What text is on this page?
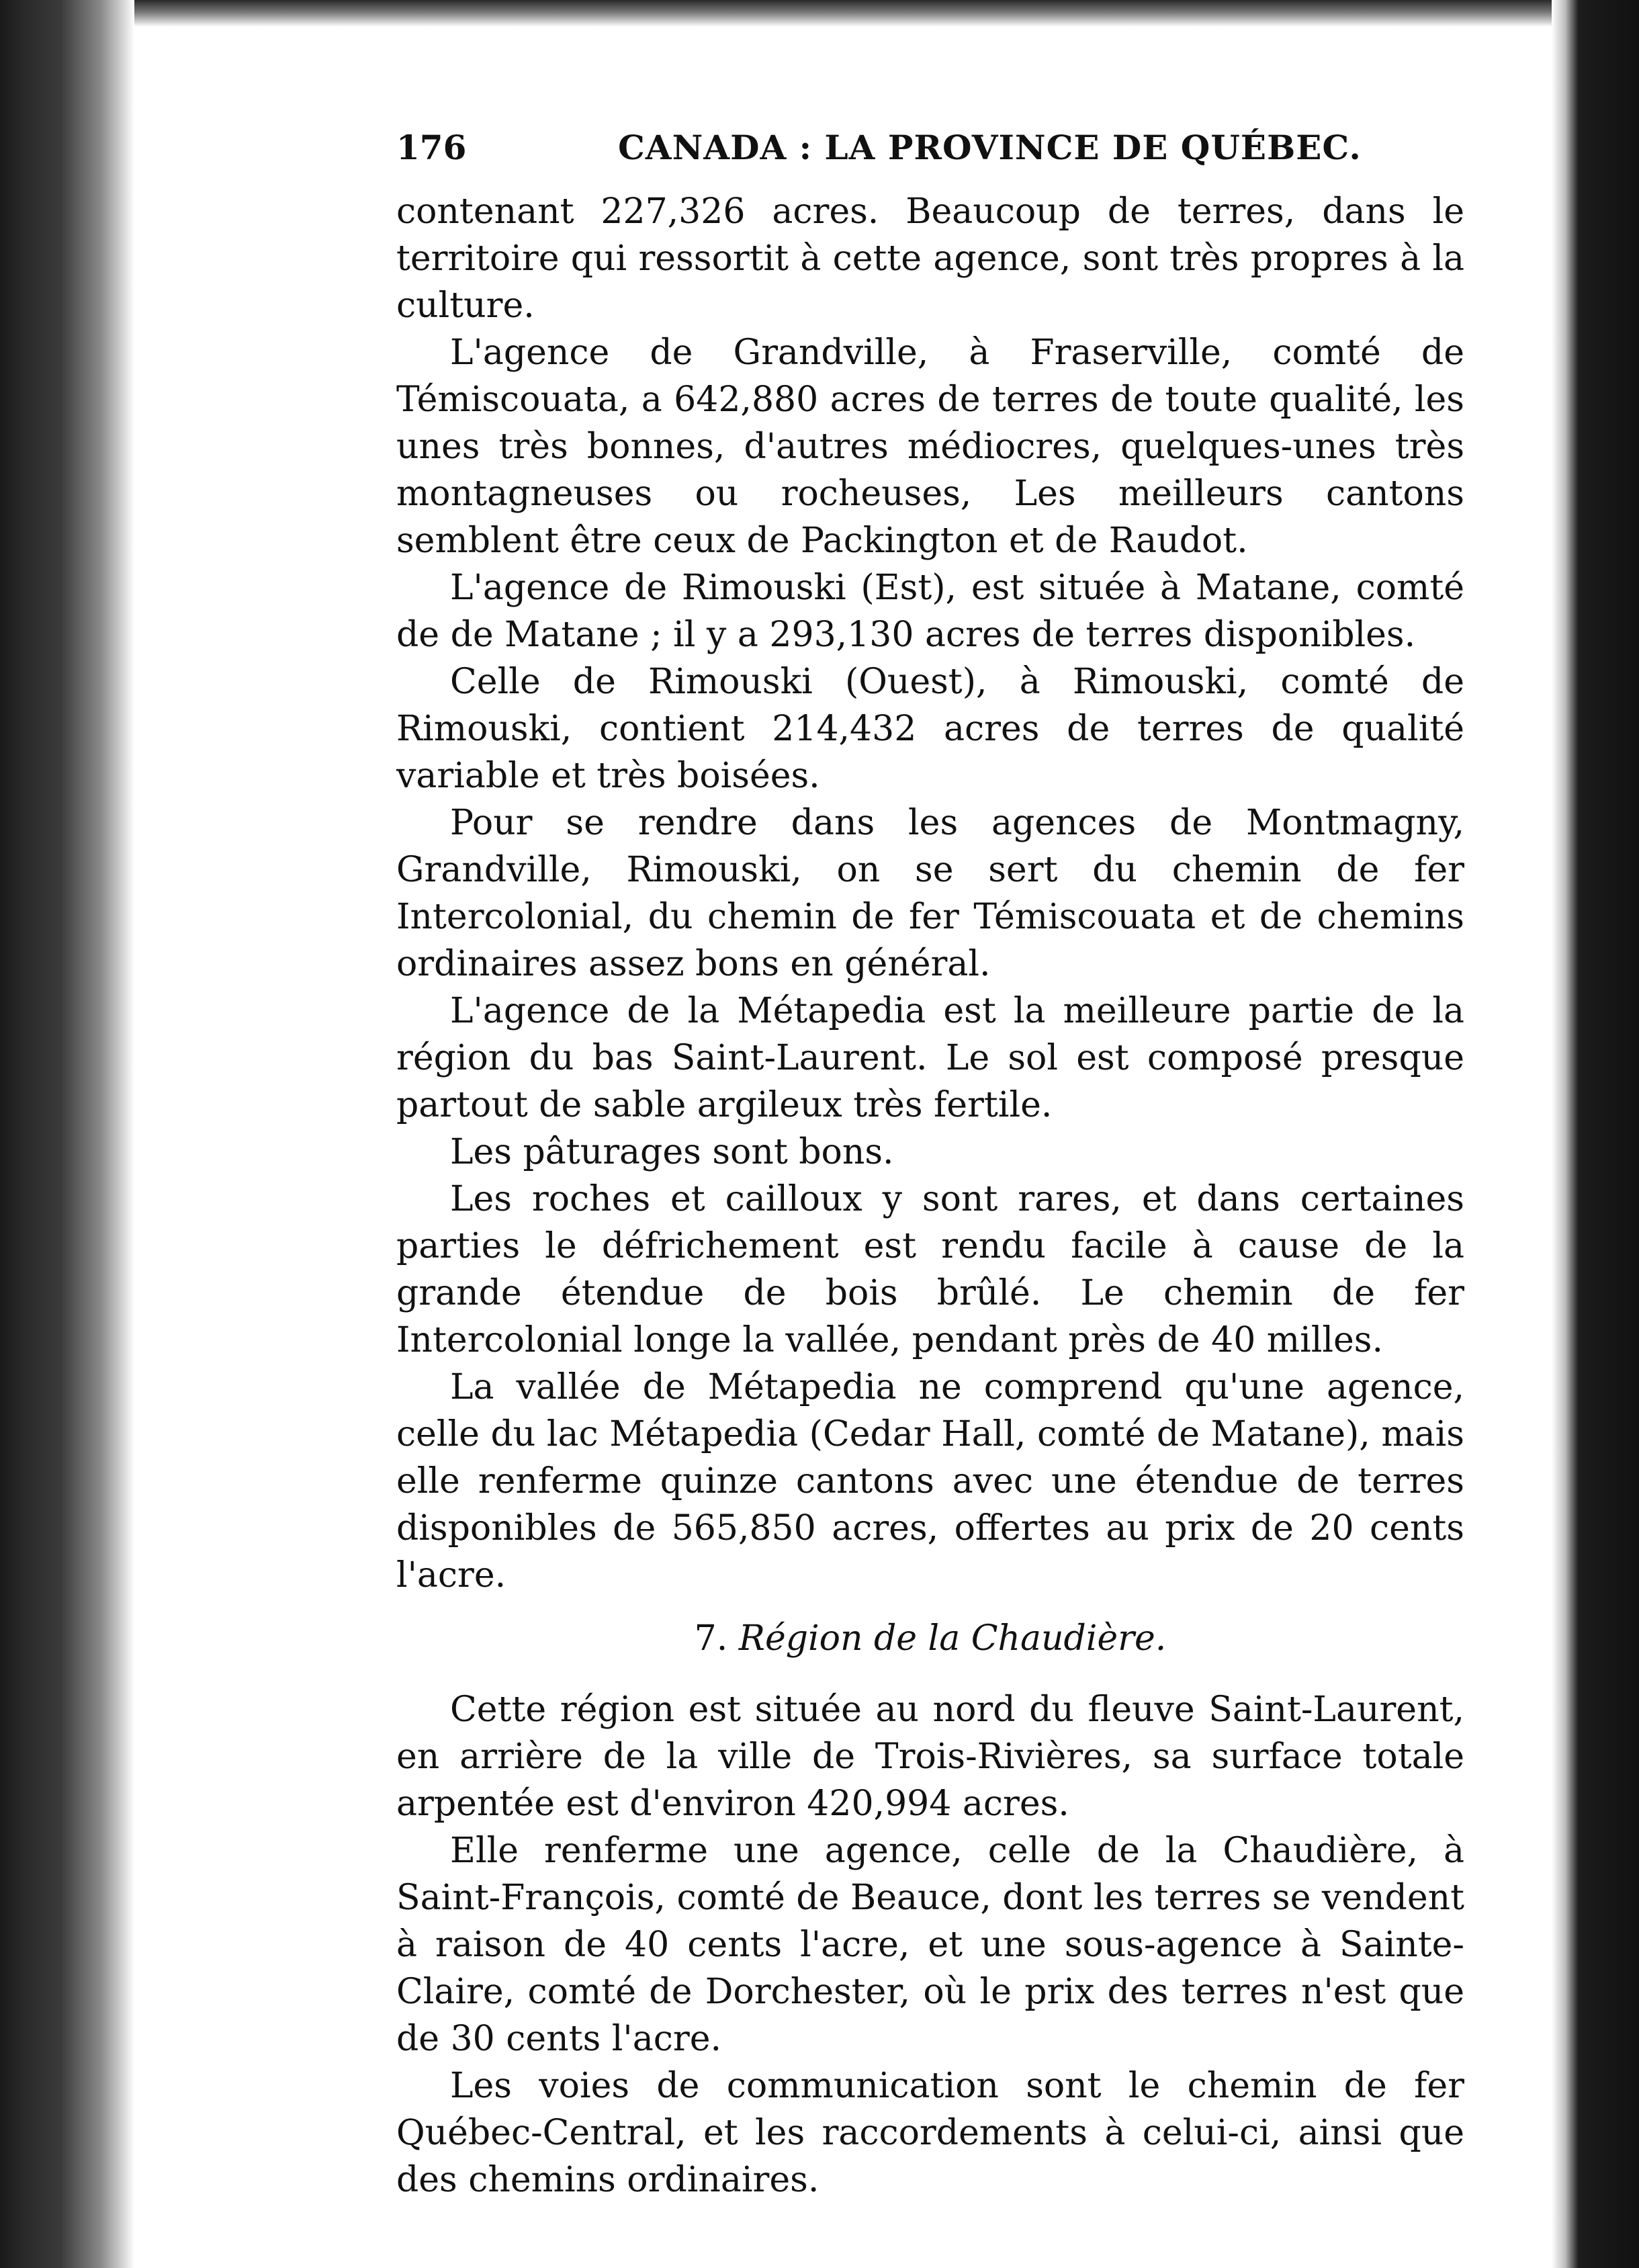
176	CANADA : LA PROVINCE DE QUÉBEC.

contenant 227,326 acres. Beaucoup de terres, dans le territoire qui ressortit à cette agence, sont très propres à la culture.

L'agence de Grandville, à Fraserville, comté de Témiscouata, a 642,880 acres de terres de toute qualité, les unes très bonnes, d'autres médiocres, quelques-unes très montagneuses ou rocheuses, Les meilleurs cantons semblent être ceux de Packington et de Raudot.

L'agence de Rimouski (Est), est située à Matane, comté de de Matane ; il y a 293,130 acres de terres disponibles.

Celle de Rimouski (Ouest), à Rimouski, comté de Rimouski, contient 214,432 acres de terres de qualité variable et très boisées.

Pour se rendre dans les agences de Montmagny, Grandville, Rimouski, on se sert du chemin de fer Intercolonial, du chemin de fer Témiscouata et de chemins ordinaires assez bons en général.

L'agence de la Métapedia est la meilleure partie de la région du bas Saint-Laurent. Le sol est composé presque partout de sable argileux très fertile.

Les pâturages sont bons.

Les roches et cailloux y sont rares, et dans certaines parties le défrichement est rendu facile à cause de la grande étendue de bois brûlé. Le chemin de fer Intercolonial longe la vallée, pendant près de 40 milles.

La vallée de Métapedia ne comprend qu'une agence, celle du lac Métapedia (Cedar Hall, comté de Matane), mais elle renferme quinze cantons avec une étendue de terres disponibles de 565,850 acres, offertes au prix de 20 cents l'acre.

7. Région de la Chaudière.

Cette région est située au nord du fleuve Saint-Laurent, en arrière de la ville de Trois-Rivières, sa surface totale arpentée est d'environ 420,994 acres.

Elle renferme une agence, celle de la Chaudière, à Saint-François, comté de Beauce, dont les terres se vendent à raison de 40 cents l'acre, et une sous-agence à Sainte-Claire, comté de Dorchester, où le prix des terres n'est que de 30 cents l'acre.

Les voies de communication sont le chemin de fer Québec-Central, et les raccordements à celui-ci, ainsi que des chemins ordinaires.
